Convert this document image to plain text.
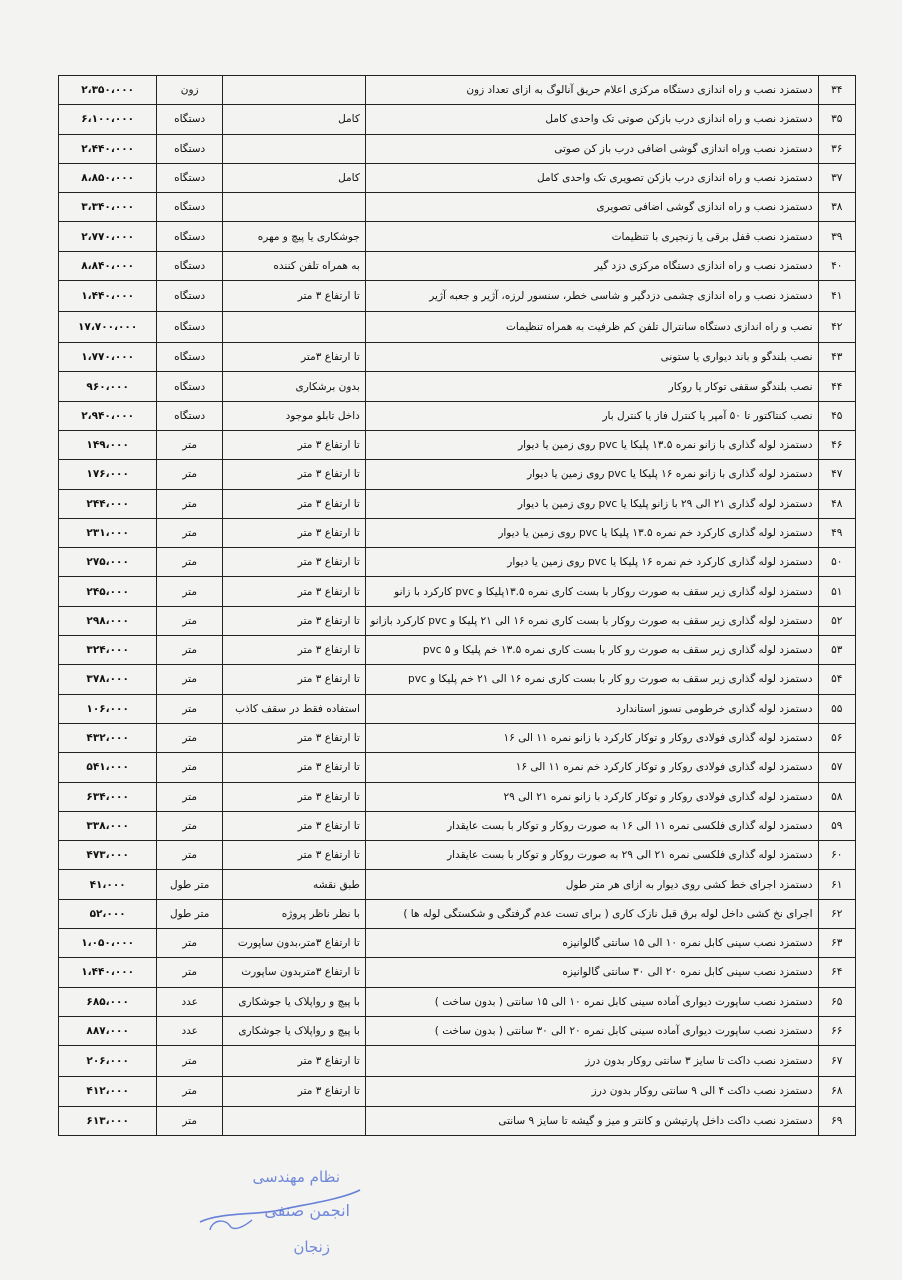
۳۴	دستمزد نصب و راه اندازی دستگاه مرکزی اعلام حریق آنالوگ به ازای تعداد زون		زون	۲،۳۵۰،۰۰۰
۳۵	دستمزد نصب و راه اندازی درب بازکن صوتی تک واحدی کامل	کامل	دستگاه	۶،۱۰۰،۰۰۰
۳۶	دستمزد نصب وراه اندازی گوشی اضافی درب باز کن صوتی		دستگاه	۲،۴۴۰،۰۰۰
۳۷	دستمزد نصب و راه اندازی درب بازکن تصویری تک واحدی کامل	کامل	دستگاه	۸،۸۵۰،۰۰۰
۳۸	دستمزد نصب و راه اندازی گوشی اضافی تصویری		دستگاه	۳،۳۴۰،۰۰۰
۳۹	دستمزد نصب قفل برقی یا زنجیری با تنظیمات	جوشکاری یا پیچ و مهره	دستگاه	۲،۷۷۰،۰۰۰
۴۰	دستمزد نصب و راه اندازی دستگاه مرکزی دزد گیر	به همراه تلفن کننده	دستگاه	۸،۸۴۰،۰۰۰
۴۱	دستمزد نصب و راه اندازی چشمی دزدگیر و شاسی خطر، سنسور لرزه، آژیر و جعبه آژیر	تا ارتفاع ۳ متر	دستگاه	۱،۴۴۰،۰۰۰
۴۲	نصب و راه اندازی دستگاه سانترال تلفن کم ظرفیت به همراه تنظیمات		دستگاه	۱۷،۷۰۰،۰۰۰
۴۳	نصب بلندگو و باند دیواری یا ستونی	تا ارتفاع ۳متر	دستگاه	۱،۷۷۰،۰۰۰
۴۴	نصب بلندگو سقفی توکار یا روکار	بدون برشکاری	دستگاه	۹۶۰،۰۰۰
۴۵	نصب کنتاکتور تا ۵۰ آمپر یا کنترل فاز یا کنترل بار	داخل تابلو موجود	دستگاه	۲،۹۴۰،۰۰۰
۴۶	دستمزد لوله گذاری با زانو نمره ۱۳.۵ پلیکا یا pvc روی زمین یا دیوار	تا ارتفاع ۳ متر	متر	۱۴۹،۰۰۰
۴۷	دستمزد لوله گذاری با زانو نمره ۱۶ پلیکا یا pvc روی زمین یا دیوار	تا ارتفاع ۳ متر	متر	۱۷۶،۰۰۰
۴۸	دستمزد لوله گذاری ۲۱ الی ۲۹ با زانو پلیکا یا pvc روی زمین یا دیوار	تا ارتفاع ۳ متر	متر	۲۴۴،۰۰۰
۴۹	دستمزد لوله گذاری کارکرد خم نمره ۱۳.۵ پلیکا یا pvc روی زمین یا دیوار	تا ارتفاع ۳ متر	متر	۲۳۱،۰۰۰
۵۰	دستمزد لوله گذاری کارکرد خم نمره ۱۶ پلیکا یا pvc روی زمین یا دیوار	تا ارتفاع ۳ متر	متر	۲۷۵،۰۰۰
۵۱	دستمزد لوله گذاری زیر سقف به صورت روکار با بست کاری نمره ۱۳.۵پلیکا و pvc کارکرد با زانو	تا ارتفاع ۳ متر	متر	۲۴۵،۰۰۰
۵۲	دستمزد لوله گذاری زیر سقف به صورت روکار با بست کاری نمره ۱۶ الی ۲۱ پلیکا و pvc کارکرد بازانو	تا ارتفاع ۳ متر	متر	۲۹۸،۰۰۰
۵۳	دستمزد لوله گذاری زیر سقف به صورت رو کار با بست کاری نمره ۱۳.۵ خم پلیکا و pvc ۵	تا ارتفاع ۳ متر	متر	۳۲۴،۰۰۰
۵۴	دستمزد لوله گذاری زیر سقف به صورت رو کار با بست کاری نمره ۱۶ الی ۲۱ خم پلیکا و pvc	تا ارتفاع ۳ متر	متر	۳۷۸،۰۰۰
۵۵	دستمزد لوله گذاری خرطومی نسوز استاندارد	استفاده فقط در سقف کاذب	متر	۱۰۶،۰۰۰
۵۶	دستمزد لوله گذاری فولادی روکار و توکار کارکرد با زانو نمره ۱۱ الی ۱۶	تا ارتفاع ۳ متر	متر	۴۳۲،۰۰۰
۵۷	دستمزد لوله گذاری فولادی روکار و توکار کارکرد خم نمره ۱۱ الی ۱۶	تا ارتفاع ۳ متر	متر	۵۴۱،۰۰۰
۵۸	دستمزد لوله گذاری فولادی روکار و توکار کارکرد با زانو نمره ۲۱ الی ۲۹	تا ارتفاع ۳ متر	متر	۶۳۴،۰۰۰
۵۹	دستمزد لوله گذاری فلکسی نمره ۱۱ الی ۱۶ به صورت روکار و توکار با بست عایقدار	تا ارتفاع ۳ متر	متر	۳۳۸،۰۰۰
۶۰	دستمزد لوله گذاری فلکسی نمره ۲۱ الی ۲۹ به صورت روکار و توکار با بست عایقدار	تا ارتفاع ۳ متر	متر	۴۷۳،۰۰۰
۶۱	دستمزد اجرای خط کشی روی دیوار به ازای هر متر طول	طبق نقشه	متر طول	۴۱،۰۰۰
۶۲	اجرای نخ کشی داخل لوله برق قبل نازک کاری ( برای تست عدم گرفتگی و شکستگی لوله ها )	با نظر ناظر پروژه	متر طول	۵۲،۰۰۰
۶۳	دستمزد نصب سینی کابل نمره ۱۰ الی ۱۵ سانتی گالوانیزه	تا ارتفاع ۳متر،بدون ساپورت	متر	۱،۰۵۰،۰۰۰
۶۴	دستمزد نصب سینی کابل نمره ۲۰ الی ۳۰ سانتی گالوانیزه	تا ارتفاع ۳متربدون ساپورت	متر	۱،۴۴۰،۰۰۰
۶۵	دستمزد نصب ساپورت دیواری آماده سینی کابل نمره ۱۰ الی ۱۵ سانتی ( بدون ساخت )	با پیچ و رواپلاک یا جوشکاری	عدد	۶۸۵،۰۰۰
۶۶	دستمزد نصب ساپورت دیواری آماده سینی کابل نمره ۲۰ الی ۳۰ سانتی ( بدون ساخت )	با پیچ و رواپلاک یا جوشکاری	عدد	۸۸۷،۰۰۰
۶۷	دستمزد نصب داکت تا سایز ۳ سانتی روکار بدون درز	تا ارتفاع ۳ متر	متر	۲۰۶،۰۰۰
۶۸	دستمزد نصب داکت ۴ الی ۹ سانتی روکار بدون درز	تا ارتفاع ۳ متر	متر	۴۱۲،۰۰۰
۶۹	دستمزد نصب داکت داخل پارتیشن و کانتر و میز و گیشه تا سایز ۹ سانتی		متر	۶۱۳،۰۰۰
نظام مهندسی
انجمن صنفی
زنجان
